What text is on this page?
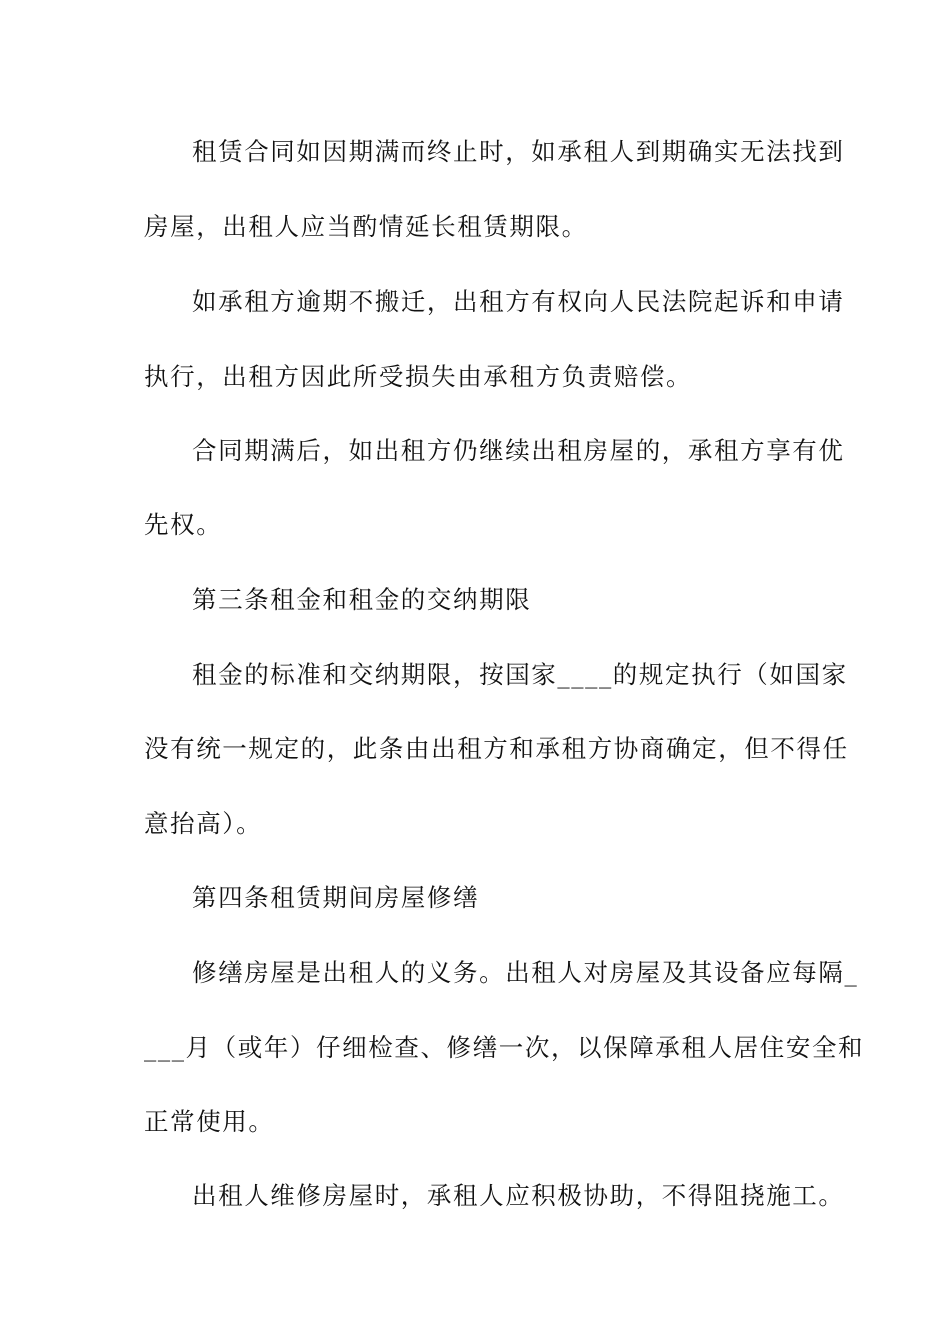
租赁合同如因期满而终止时，如承租人到期确实无法找到
房屋，出租人应当酌情延长租赁期限。
如承租方逾期不搬迁，出租方有权向人民法院起诉和申请
执行，出租方因此所受损失由承租方负责赔偿。
合同期满后，如出租方仍继续出租房屋的，承租方享有优
先权。
第三条租金和租金的交纳期限
租金的标准和交纳期限，按国家____的规定执行（如国家
没有统一规定的，此条由出租方和承租方协商确定，但不得任
意抬高）。
第四条租赁期间房屋修缮
修缮房屋是出租人的义务。出租人对房屋及其设备应每隔_
___月（或年）仔细检查、修缮一次，以保障承租人居住安全和
正常使用。
出租人维修房屋时，承租人应积极协助，不得阻挠施工。
